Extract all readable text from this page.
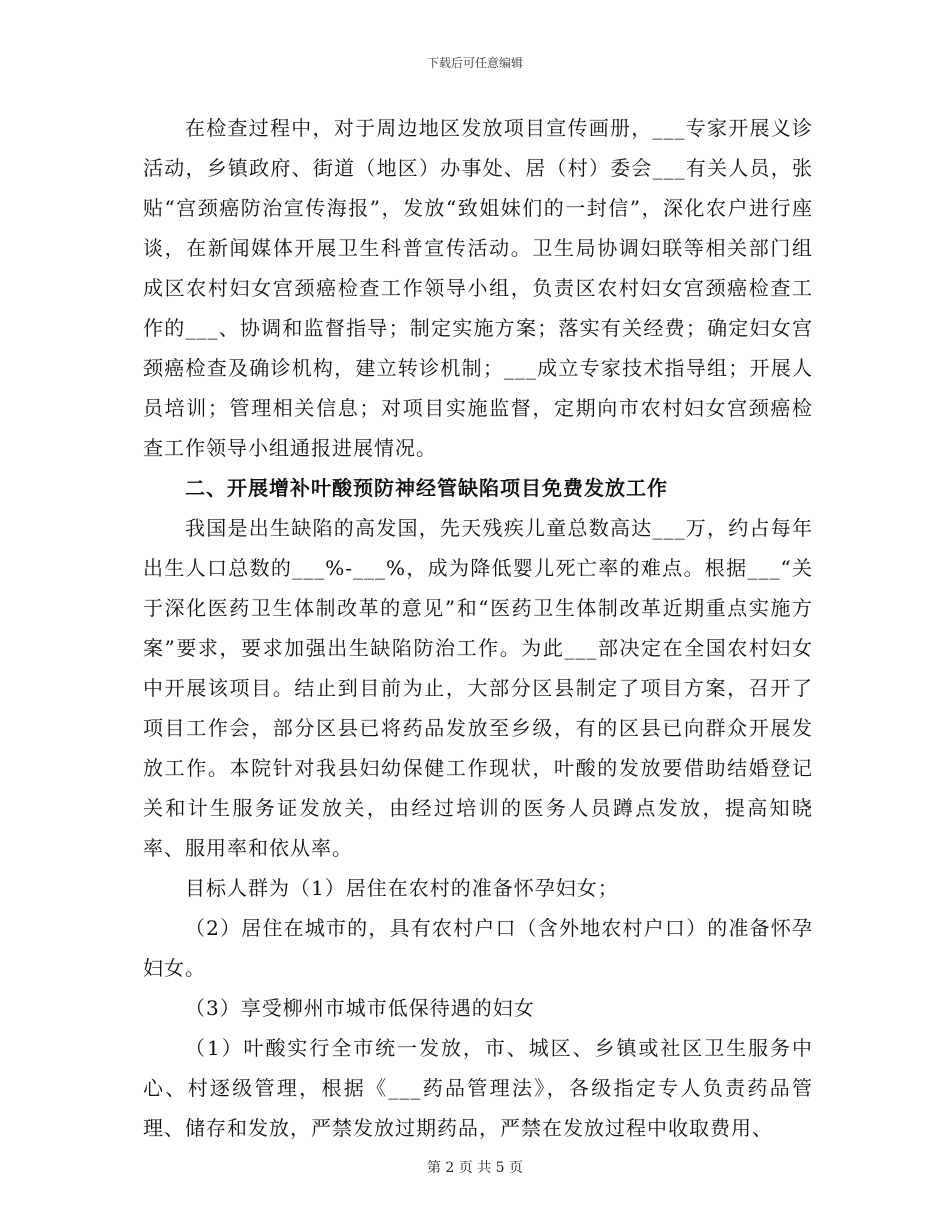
下载后可任意编辑

在检查过程中，对于周边地区发放项目宣传画册，___专家开展义诊活动，乡镇政府、街道（地区）办事处、居（村）委会___有关人员，张贴“宫颈癌防治宣传海报”，发放“致姐妹们的一封信”，深化农户进行座谈，在新闻媒体开展卫生科普宣传活动。卫生局协调妇联等相关部门组成区农村妇女宫颈癌检查工作领导小组，负责区农村妇女宫颈癌检查工作的___、协调和监督指导；制定实施方案；落实有关经费；确定妇女宫颈癌检查及确诊机构，建立转诊机制；___成立专家技术指导组；开展人员培训；管理相关信息；对项目实施监督，定期向市农村妇女宫颈癌检查工作领导小组通报进展情况。

二、开展增补叶酸预防神经管缺陷项目免费发放工作

我国是出生缺陷的高发国，先天残疾儿童总数高达___万，约占每年出生人口总数的___%-___%，成为降低婴儿死亡率的难点。根据___“关于深化医药卫生体制改革的意见”和“医药卫生体制改革近期重点实施方案”要求，要求加强出生缺陷防治工作。为此___部决定在全国农村妇女中开展该项目。结止到目前为止，大部分区县制定了项目方案，召开了项目工作会，部分区县已将药品发放至乡级，有的区县已向群众开展发放工作。本院针对我县妇幼保健工作现状，叶酸的发放要借助结婚登记关和计生服务证发放关，由经过培训的医务人员蹲点发放，提高知晓率、服用率和依从率。

目标人群为（1）居住在农村的准备怀孕妇女；

（2）居住在城市的，具有农村户口（含外地农村户口）的准备怀孕妇女。

（3）享受柳州市城市低保待遇的妇女

（1）叶酸实行全市统一发放，市、城区、乡镇或社区卫生服务中心、村逐级管理，根据《___药品管理法》，各级指定专人负责药品管理、储存和发放，严禁发放过期药品，严禁在发放过程中收取费用、

第 2 页 共 5 页
